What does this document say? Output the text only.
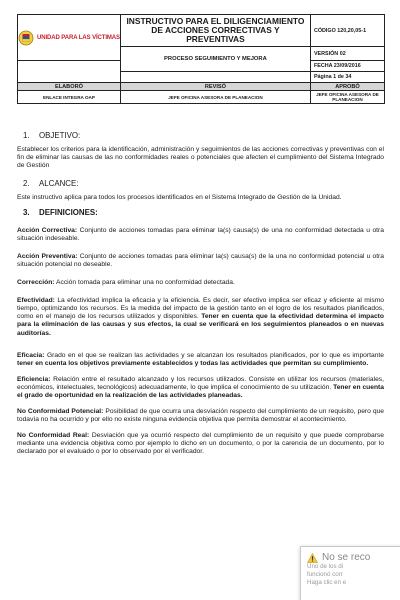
UNIDAD PARA LAS VÍCTIMAS	INSTRUCTIVO PARA EL DILIGENCIAMIENTO DE ACCIONES CORRECTIVAS Y PREVENTIVAS	CÓDIGO 120,20,05-1
	PROCESO SEGUIMIENTO Y MEJORA	VERSIÓN 02
		FECHA 23/09/2016
		Página 1 de 34
ELABORÓ	REVISÓ	APROBÓ
ENLACE INTEGRA OAP	JEFE OFICINA ASESORA DE PLANEACION	JEFE OFICINA ASESORA DE PLANEACION
1. OBJETIVO:

Establecer los criterios para la identificación, administración y seguimientos de las acciones correctivas y preventivas con el fin de eliminar las causas de las no conformidades reales o potenciales que afecten el cumplimiento del Sistema Integrado de Gestión

2. ALCANCE:

Este instructivo aplica para todos los procesos identificados en el Sistema Integrado de Gestión de la Unidad.

3. DEFINICIONES:

Acción Correctiva: Conjunto de acciones tomadas para eliminar la(s) causa(s) de una no conformidad detectada u otra situación indeseable.

Acción Preventiva: Conjunto de acciones tomadas para eliminar la(s) causa(s) de la una no conformidad potencial u otra situación potencial no deseable.

Corrección: Acción tomada para eliminar una no conformidad detectada.

Efectividad: La efectividad implica la eficacia y la eficiencia. Es decir, ser efectivo implica ser eficaz y eficiente al mismo tiempo, optimizando los recursos. Es la medida del impacto de la gestión tanto en el logro de los resultados planificados, como en el manejo de los recursos utilizados y disponibles. Tener en cuenta que la efectividad determina el impacto para la eliminación de las causas y sus efectos, la cual se verificará en los seguimientos planeados o en nuevas auditorías.

Eficacia: Grado en el que se realizan las actividades y se alcanzan los resultados planificados, por lo que es importante tener en cuenta los objetivos previamente establecidos y todas las actividades que permitan su cumplimiento.

Eficiencia: Relación entre el resultado alcanzado y los recursos utilizados. Consiste en utilizar los recursos (materiales, económicos, intelectuales, tecnológicos) adecuadamente, lo que implica el conocimiento de su utilización. Tener en cuenta el grado de oportunidad en la realización de las actividades planeadas.

No Conformidad Potencial: Posibilidad de que ocurra una desviación respecto del cumplimiento de un requisito, pero que todavía no ha ocurrido y por ello no existe ninguna evidencia objetiva que permita demostrar el acontecimiento.

No Conformidad Real: Desviación que ya ocurrió respecto del cumplimiento de un requisito y que puede comprobarse mediante una evidencia objetiva como por ejemplo lo dicho en un documento, o por la carencia de un documento, por lo declarado por el evaluado o por lo observado por el verificador.

No se reco
Uno de los di
funcionó corr
Haga clic en e
